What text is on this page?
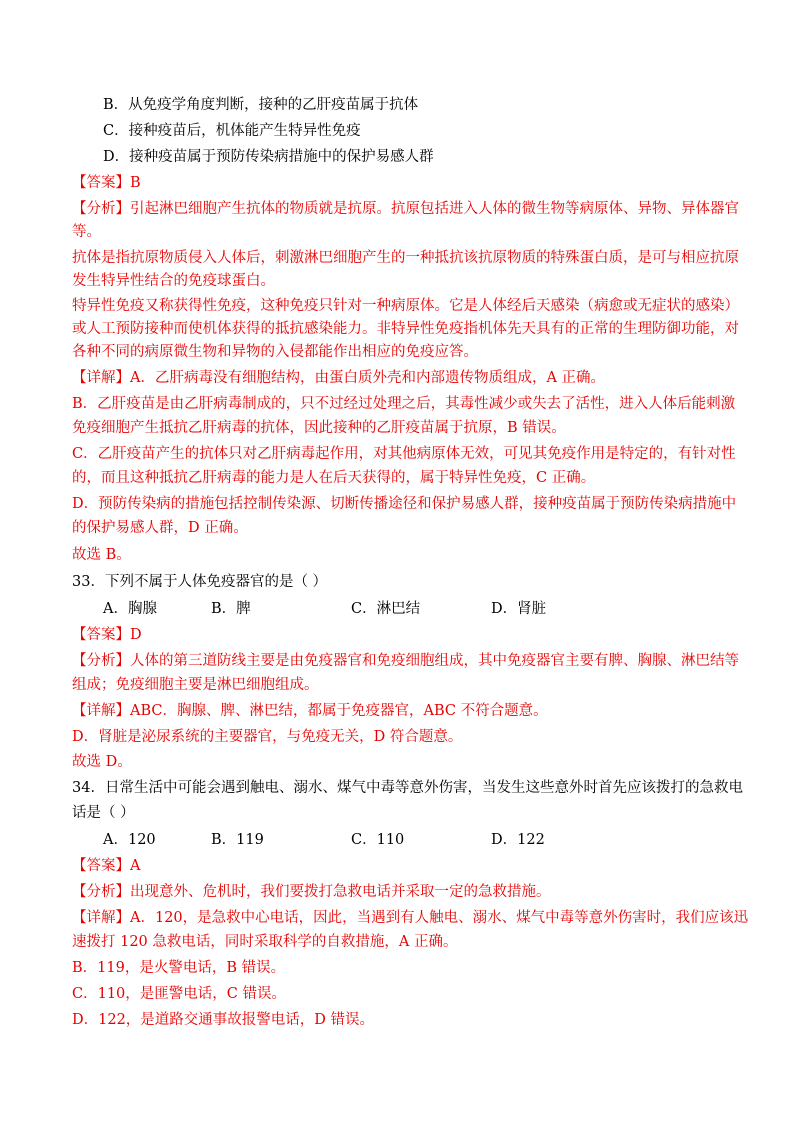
B．从免疫学角度判断，接种的乙肝疫苗属于抗体
C．接种疫苗后，机体能产生特异性免疫
D．接种疫苗属于预防传染病措施中的保护易感人群
【答案】B
【分析】引起淋巴细胞产生抗体的物质就是抗原。抗原包括进入人体的微生物等病原体、异物、异体器官
等。
抗体是指抗原物质侵入人体后，刺激淋巴细胞产生的一种抵抗该抗原物质的特殊蛋白质，是可与相应抗原
发生特异性结合的免疫球蛋白。
特异性免疫又称获得性免疫，这种免疫只针对一种病原体。它是人体经后天感染（病愈或无症状的感染）
或人工预防接种而使机体获得的抵抗感染能力。非特异性免疫指机体先天具有的正常的生理防御功能，对
各种不同的病原微生物和异物的入侵都能作出相应的免疫应答。
【详解】A．乙肝病毒没有细胞结构，由蛋白质外壳和内部遗传物质组成，A 正确。
B．乙肝疫苗是由乙肝病毒制成的，只不过经过处理之后，其毒性减少或失去了活性，进入人体后能刺激
免疫细胞产生抵抗乙肝病毒的抗体，因此接种的乙肝疫苗属于抗原，B 错误。
C．乙肝疫苗产生的抗体只对乙肝病毒起作用，对其他病原体无效，可见其免疫作用是特定的，有针对性
的，而且这种抵抗乙肝病毒的能力是人在后天获得的，属于特异性免疫，C 正确。
D．预防传染病的措施包括控制传染源、切断传播途径和保护易感人群，接种疫苗属于预防传染病措施中
的保护易感人群，D 正确。
故选 B。
33．下列不属于人体免疫器官的是（ ）
A．胸腺	B．脾	C．淋巴结	D．肾脏
【答案】D
【分析】人体的第三道防线主要是由免疫器官和免疫细胞组成，其中免疫器官主要有脾、胸腺、淋巴结等
组成；免疫细胞主要是淋巴细胞组成。
【详解】ABC．胸腺、脾、淋巴结，都属于免疫器官，ABC 不符合题意。
D．肾脏是泌尿系统的主要器官，与免疫无关，D 符合题意。
故选 D。
34．日常生活中可能会遇到触电、溺水、煤气中毒等意外伤害，当发生这些意外时首先应该拨打的急救电
话是（ ）
A．120	B．119	C．110	D．122
【答案】A
【分析】出现意外、危机时，我们要拨打急救电话并采取一定的急救措施。
【详解】A．120，是急救中心电话，因此，当遇到有人触电、溺水、煤气中毒等意外伤害时，我们应该迅
速拨打 120 急救电话，同时采取科学的自救措施，A 正确。
B．119，是火警电话，B 错误。
C．110，是匪警电话，C 错误。
D．122，是道路交通事故报警电话，D 错误。
